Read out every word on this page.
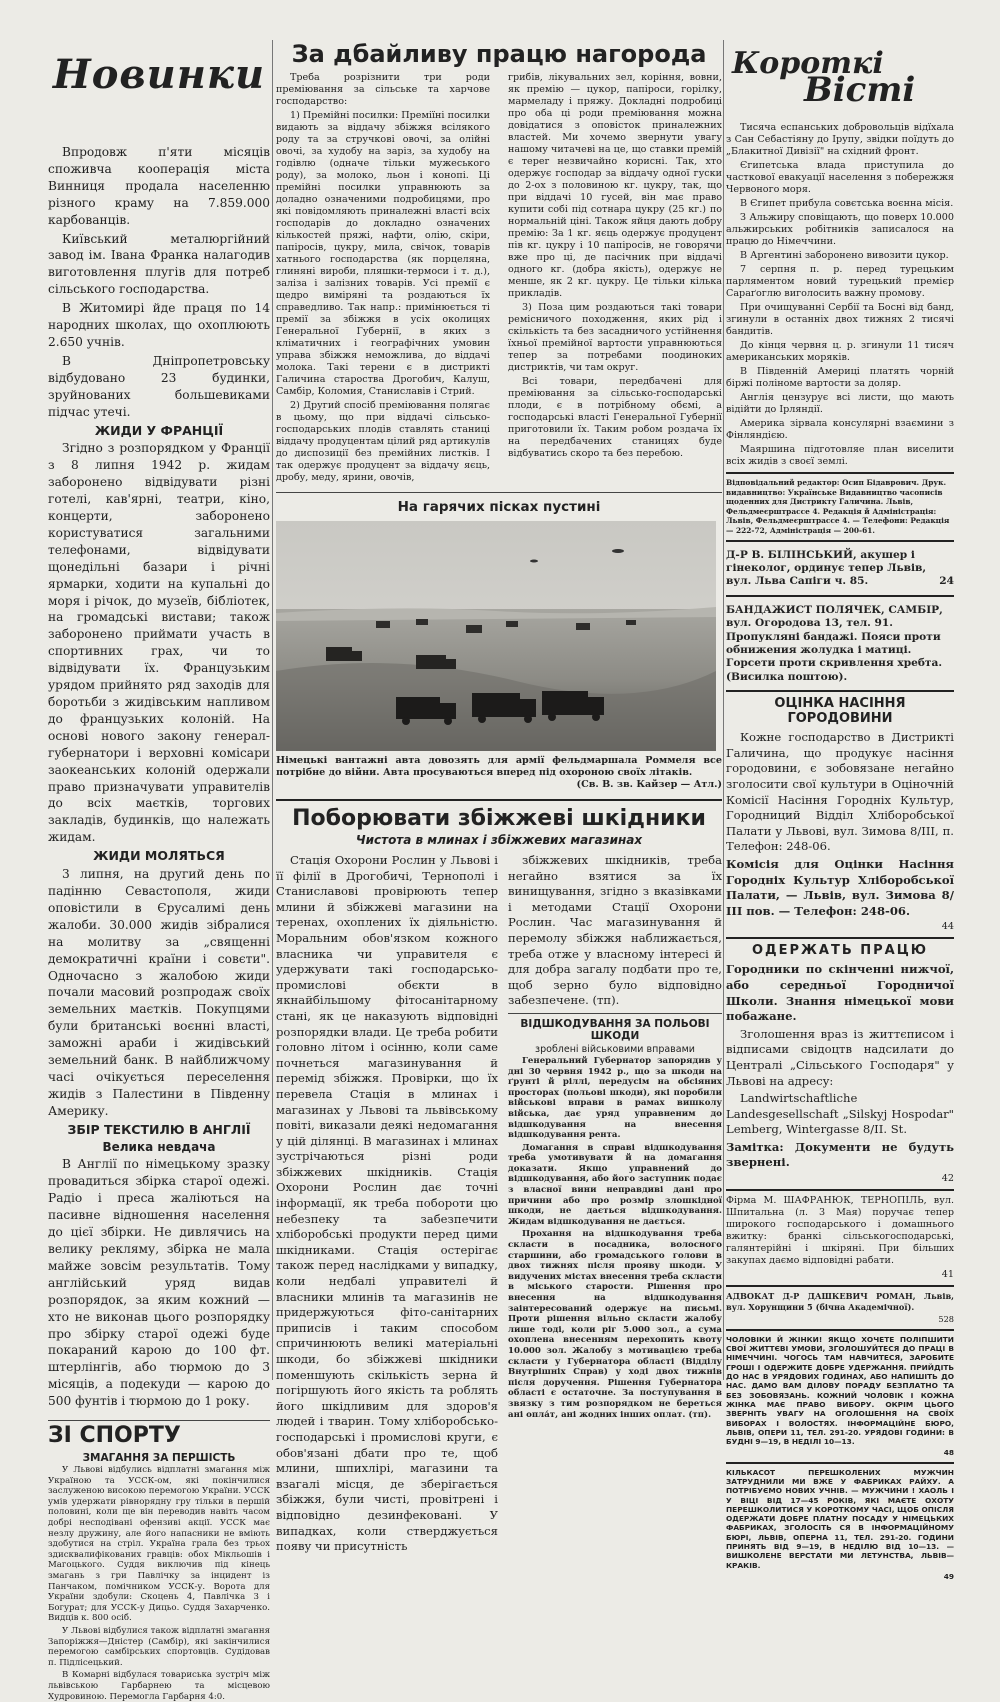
Новинки

Впродовж п'яти місяців споживча кооперація міста Винниця продала населенню різного краму на 7.859.000 карбованців.

Київський металюргійний завод ім. Івана Франка налагодив виготовлення плугів для потреб сільського господарства.

В Житомирі йде праця по 14 народних школах, що охоплюють 2.650 учнів.

В Дніпропетровську відбудовано 23 будинки, зруйнованих большевиками підчас утечі.

ЖИДИ У ФРАНЦІЇ

Згідно з розпорядком у Франції з 8 липня 1942 р. жидам заборонено відвідувати різні готелі, кав'ярні, театри, кіно, концерти, заборонено користуватися загальними телефонами, відвідувати щонедільні базари і річні ярмарки, ходити на купальні до моря і річок, до музеїв, бібліотек, на громадські вистави; також заборонено приймати участь в спортивних грах, чи то відвідувати їх. Французьким урядом прийнято ряд заходів для боротьби з жидівським напливом до французьких колоній. На основі нового закону генерал-губернатори і верховні комісари заокеанських колоній одержали право призначувати управителів до всіх маєтків, торгових закладів, будинків, що належать жидам.

ЖИДИ МОЛЯТЬСЯ

3 липня, на другий день по падінню Севастополя, жиди оповістили в Єрусалимі день жалоби. 30.000 жидів зібралися на молитву за „священні демократичні країни і совєти". Одночасно з жалобою жиди почали масовий розпродаж своїх земельних маєтків. Покупцями були британські воєнні власті, заможні араби і жидівський земельний банк. В найближчому часі очікується переселення жидів з Палестини в Південну Америку.

ЗБІР ТЕКСТИЛЮ В АНГЛІЇ
Велика невдача

В Англії по німецькому зразку провадиться збірка старої одежі. Радіо і преса жаліються на пасивне відношення населення до цієї збірки. Не дивлячись на велику рекляму, збірка не мала майже зовсім результатів. Тому англійський уряд видав розпорядок, за яким кожний — хто не виконав цього розпорядку про збірку старої одежі буде покараний карою до 100 фт. штерлінгів, або тюрмою до 3 місяців, а подекуди — карою до 500 фунтів і тюрмою до 1 року.

ЗІ СПОРТУ
ЗМАГАННЯ ЗА ПЕРШІСТЬ

У Львові відбулись відплатні змагання між Україною та УССК-ом, які покінчилися заслуженою високою перемогою України. УССК умів удержати рівнорядну гру тільки в першій половині, коли ще він переводив навіть часом добрі несподівані офензиві акції. УССК має незлу дружину, але його напасники не вміють здобутися на стріл. Україна грала без трьох здисквалифікованих гравців: обох Мікльошів і Магоцького. Суддя виключив під кінець змагань з гри Павлічку за інцидент із Панчаком, помічником УССК-у. Ворота для України здобули: Скоцень 4, Павлічка 3 і Богурат; для УССК-у Дицьо. Суддя Захарченко. Видців к. 800 осіб.

У Львові відбулися також відплатні змагання Запоріжжя—Дністер (Самбір), які закінчилися перемогою самбірських спортовців. Судідовав п. Підлісецький.

В Комарні відбулася товариська зустріч між львівською Гарбарнею та місцевою Худровиною. Перемогла Гарбарня 4:0.

За дбайливу працю нагорода

Треба розрізнити три роди преміювання за сільське та харчове господарство:

1) Премійні посилки: Преміїні посилки видають за віддачу збіжжя всілякого роду та за стручкові овочі, за олійні овочі, за худобу на заріз, за худобу на годівлю (одначе тільки мужеського роду), за молоко, льон і конопі. Ці премійні посилки управнюють за доладно означеними подробицями, про які повідомляють приналежні власті всіх господарів до докладно означених кількостей пряжі, нафти, олію, скіри, папіросів, цукру, мила, свічок, товарів хатнього господарства (як порцеляна, глиняні вироби, пляшки-термоси і т. д.), заліза і залізних товарів. Усі премії є щедро виміряні та роздаються їх справедливо. Так напр.: примінюється ті премії за збіжжя в усіх околицях Генеральної Губернії, в яких з кліматичних і географічних умовин управа збіжжя неможлива, до віддачі молока. Такі терени є в дистрикті Галичина староства Дрогобич, Калуш, Самбір, Коломия, Станиславів і Стрий.

2) Другий спосіб преміювання полягає в цьому, що при віддачі сільсько-господарських плодів ставлять станиці віддачу продуцентам цілий ряд артикулів до диспозиції без премійних листків. І так одержує продуцент за віддачу яєць, дробу, меду, ярини, овочів,

грибів, лікувальних зел, коріння, вовни, як премію — цукор, папіроси, горілку, мармеладу і пряжу. Докладні подробиці про оба ці роди преміювання можна довідатися з оповісток приналежних властей. Ми хочемо звернути увагу нашому читачеві на це, що ставки премій є теper незвичайно корисні. Так, хто одержує господар за віддачу одної гуски до 2-ох з половиною кг. цукру, так, що при віддачі 10 гусей, він має право купити собі під сотнара цукру (25 кг.) по нормальній ціні. Також яйця дають добру премію: За 1 кг. яєць одержує продуцент пів кг. цукру і 10 папіросів, не говорячи вже про ці, де пасічник при віддачі одного кг. (добра якість), одержує не менше, як 2 кг. цукру. Це тільки кілька прикладів.

3) Поза цим роздаються такі товари ремісничого походження, яких рід і скількість та без засадничого устійнення їхньої премійної вартости управнюються тепер за потребами поодиноких дистриктів, чи там округ.

Всі товари, передбачені для преміювання за сільсько-господарські плоди, є в потрібному обємі, а господарські власті Генеральної Губернії приготовили їх. Таким робом роздача їх на передбачених станицях буде відбуватись скоро та без перебою.

На гарячих пісках пустині
Німецькі вантажні авта довозять для армії фельдмаршала Роммеля все потрібне до війни. Авта просуваються вперед під охороною своїх літаків.
(Св. В. зв. Кайзер — Атл.)
Поборювати збіжжеві шкідники
Чистота в млинах і збіжжевих магазинах

Стація Охорони Рослин у Львові і її філії в Дрогобичі, Тернополі і Станиславові провірюють тепер млини й збіжжеві магазини на теренах, охоплених їх діяльністю. Моральним обов'язком кожного власника чи управителя є удержувати такі господарсько-промислові обєкти в якнайбільшому фітосанітарному стані, як це наказують відповідні розпорядки влади. Це треба робити головно літом і осінню, коли саме почнеться магазинування й перемід збіжжя. Провірки, що їх перевела Стація в млинах і магазинах у Львові та львівському повіті, виказали деякі недомагання у цій ділянці. В магазинах і млинах зустрічаються різні роди збіжжевих шкідників. Стація Охорони Рослин дає точні інформації, як треба побороти цю небезпеку та забезпечити хліборобські продукти перед цими шкідниками. Стація остерігає також перед наслідками у випадку, коли недбалі управителі й власники млинів та магазинів не придержуються фіто-санітарних приписів і таким способом спричинюють великі матеріальні шкоди, бо збіжжеві шкідники поменшують скількість зерна й погіршують його якість та роблять його шкідливим для здоров'я людей і тварин. Тому хліборобсько-господарські і промислові круги, є обов'язані дбати про те, щоб млини, шпихлірі, магазини та взагалі місця, де зберігається збіжжя, були чисті, провітрені і відповідно дезинфековані. У випадках, коли стверджується появу чи присутність

збіжжевих шкідників, треба негайно взятися за їх винищування, згідно з вказівками і методами Стації Охорони Рослин. Час магазинування й перемолу збіжжя наближається, треба отже у власному інтересі й для добра загалу подбати про те, щоб зерно було відповідно забезпечене. (тп).

ВІДШКОДУВАННЯ ЗА ПОЛЬОВІ ШКОДИ
зроблені військовими вправами

Генеральний Губернатор запорядив у дні 30 червня 1942 р., що за шкоди на ґрунті й ріллі, передусім на обсіяних просторах (польові шкоди), які поробили військові вправи в рамах вишколу війська, дає уряд управненим до відшкодування на внесення відшкодування рента.

Домагання в справі відшкодування треба умотивувати й на домагання доказати. Якщо управнений до відшкодування, або його заступник подає з власної вини неправдиві дані про причини або про розмір злошкідної шкоди, не дається відшкодування. Жидам відшкодування не дається.

Прохання на відшкодування треба скласти в посадника, волосного старшини, або громадського голови в двох тижнях після прояву шкоди. У видучених містах внесення треба скласти в міського старости. Рішення про внесення на відшкодування заінтересований одержує на письмі. Проти рішення вільно скласти жалобу лише тоді, коли ріг 5.000 зол., а сума охоплена внесенням перехопить квоту 10.000 зол. Жалобу з мотивацією треба скласти у Губернатора області (Відділу Внутрішніх Справ) у ході двох тижнів після доручення. Рішення Губернатора області є остаточне. За поступування в звязку з тим розпорядком не береться ані опла́т, ані жодних інших оплат. (тп).

Короткі
Вісті

Тисяча еспанських добровольців відїхала з Сан Себастіяну до Ірупу, звідки поїдуть до „Блакитної Дивізії" на східний фронт.

Єгипетська влада приступила до часткової евакуації населення з побережжя Червоного моря.

В Єгипет прибула совєтська воєнна місія.

З Альжиру сповіщають, що поверх 10.000 альжирських робітників записалося на працю до Німеччини.

В Аргентині заборонено вивозити цукор.

7 серпня п. р. перед турецьким парляментом новий турецький премієр Сараґоглю виголосить важну промову.

При очищуванні Сербії та Босні від банд, згинули в останніх двох тижнях 2 тисячі бандитів.

До кінця червня ц. р. згинули 11 тисяч американських моряків.

В Південній Америці платять чорній біржі поліноме вартости за доляр.

Англія цензурує всі листи, що мають відійти до Ірляндії.

Америка зірвала консулярні взаємини з Фінляндією.

Маяршина підготовляе план виселити всіх жидів з своєї землі.

Відповідальний редактор: Осип Бідаврович. Друк. видавництво: Українське Видавництво часописів щоденних для Дистрикту Галичина. Львів, Фельдмеєрштрассе 4. Редакція й Адміністрація: Львів, Фельдмеєрштрассе 4. — Телефони: Редакція — 222-72, Адміністрація — 200-61.
Д-Р В. БІЛІНСЬКИЙ, акушер і гінеколог, ординує тепер Львів, вул. Льва Сапіги ч. 85.	24
БАНДАЖИСТ ПОЛЯЧЕК, САМБІР, вул. Огородова 13, тел. 91. Пропукляні бандажі. Пояси проти обнижения жолудка і матиці. Горсети проти скривлення хребта. (Висилка поштою).
ОЦІНКА НАСІННЯ ГОРОДОВИНИ

Кожне господарство в Дистрикті Галичина, що продукує насіння городовини, є зобовязане негайно зголосити свої культури в Оціночній Комісії Насіння Городніх Культур, Городниций Відділ Хліборобської Палати у Львові, вул. Зимова 8/ІІІ, п. Телефон: 248-06.

Комісія для Оцінки Насіння Городніх Культур Хліборобської Палати, — Львів, вул. Зимова 8/ІІІ пов. — Телефон: 248-06.

44
ОДЕРЖАТЬ ПРАЦЮ

Городники по скінченні нижчої, або середньої Городничої Школи. Знання німецької мови побажане.

Зголошення враз із життєписом і відписами свідоцтв надсилати до Централі „Сільського Господаря" у Львові на адресу:

Landwirtschaftliche Landesgesellschaft „Silskyj Hospodar" Lemberg, Wintergasse 8/II. St.

Замітка: Документи не будуть звернені.

42

Фірма М. ШАФРАНЮК, ТЕРНОПІЛЬ, вул. Шпитальна (л. 3 Мая) поручає тепер широкого господарського і домашнього вжитку: бранкі сільськогосподарські, галянтерійні і шкіряні. При більших закупах даємо відповідні рабати.

41

АДВОКАТ Д-Р ДАШКЕВИЧ РОМАН, Львів, вул. Хорунщини 5 (бічна Академічної).

528

ЧОЛОВІКИ Й ЖІНКИ! ЯКЩО ХОЧЕТЕ ПОЛІПШИТИ СВОЇ ЖИТТЄВІ УМОВИ, ЗГОЛОШУЙТЕСЯ ДО ПРАЦІ В НІМЕЧЧИНІ. ЧОГОСЬ ТАМ НАВЧИТЕСЯ, ЗАРОБИТЕ ГРОШІ І ОДЕРЖИТЕ ДОБРЕ УДЕРЖАННЯ. ПРИЙДІТЬ ДО НАС В УРЯДОВИХ ГОДИНАХ, АБО НАПИШІТЬ ДО НАС. ДАМО ВАМ ДІЛОВУ ПОРАДУ БЕЗПЛАТНО ТА БЕЗ ЗОБОВЯЗАНЬ. КОЖНИЙ ЧОЛОВІК І КОЖНА ЖІНКА МАЄ ПРАВО ВИБОРУ. ОКРІМ ЦЬОГО ЗВЕРНІТЬ УВАГУ НА ОГОЛОШЕННЯ НА СВОЇХ ВИБОРАХ І ВОЛОСТЯХ. ІНФОРМАЦІЙНЕ БЮРО, ЛЬВІВ, ОПЕРИ 11, ТЕЛ. 291-20. УРЯДОВІ ГОДИНИ: В БУДНІ 9—19, В НЕДІЛІ 10—13.

48

КІЛЬКАСОТ ПЕРЕШКОЛЕНИХ МУЖЧИН ЗАТРУДНИЛИ МИ ВЖЕ У ФАБРИКАХ РАЙХУ. А ПОТРІБУЄМО НОВИХ УЧНІВ. — МУЖЧИНИ ! ХАОЛЬ І У ВІЦІ ВІД 17—45 РОКІВ, ЯКІ МАЄТЕ ОХОТУ ПЕРЕШКОЛИТИСЯ У КОРОТКОМУ ЧАСІ, ЩОБ ОПІСЛЯ ОДЕРЖАТИ ДОБРЕ ПЛАТНУ ПОСАДУ У НІМЕЦЬКИХ ФАБРИКАХ, ЗГОЛОСІТЬ СЯ В ІНФОРМАЦІЙНОМУ БЮРІ, ЛЬВІВ, ОПЕРНА 11, ТЕЛ. 291-20. ГОДИНИ ПРИНЯТЬ ВІД 9—19, В НЕДІЛЮ ВІД 10—13. — ВИШКОЛЕНЕ ВЕРСТАТИ МИ ЛЕТУНСТВА, ЛЬВІВ—КРАКІВ.

49
